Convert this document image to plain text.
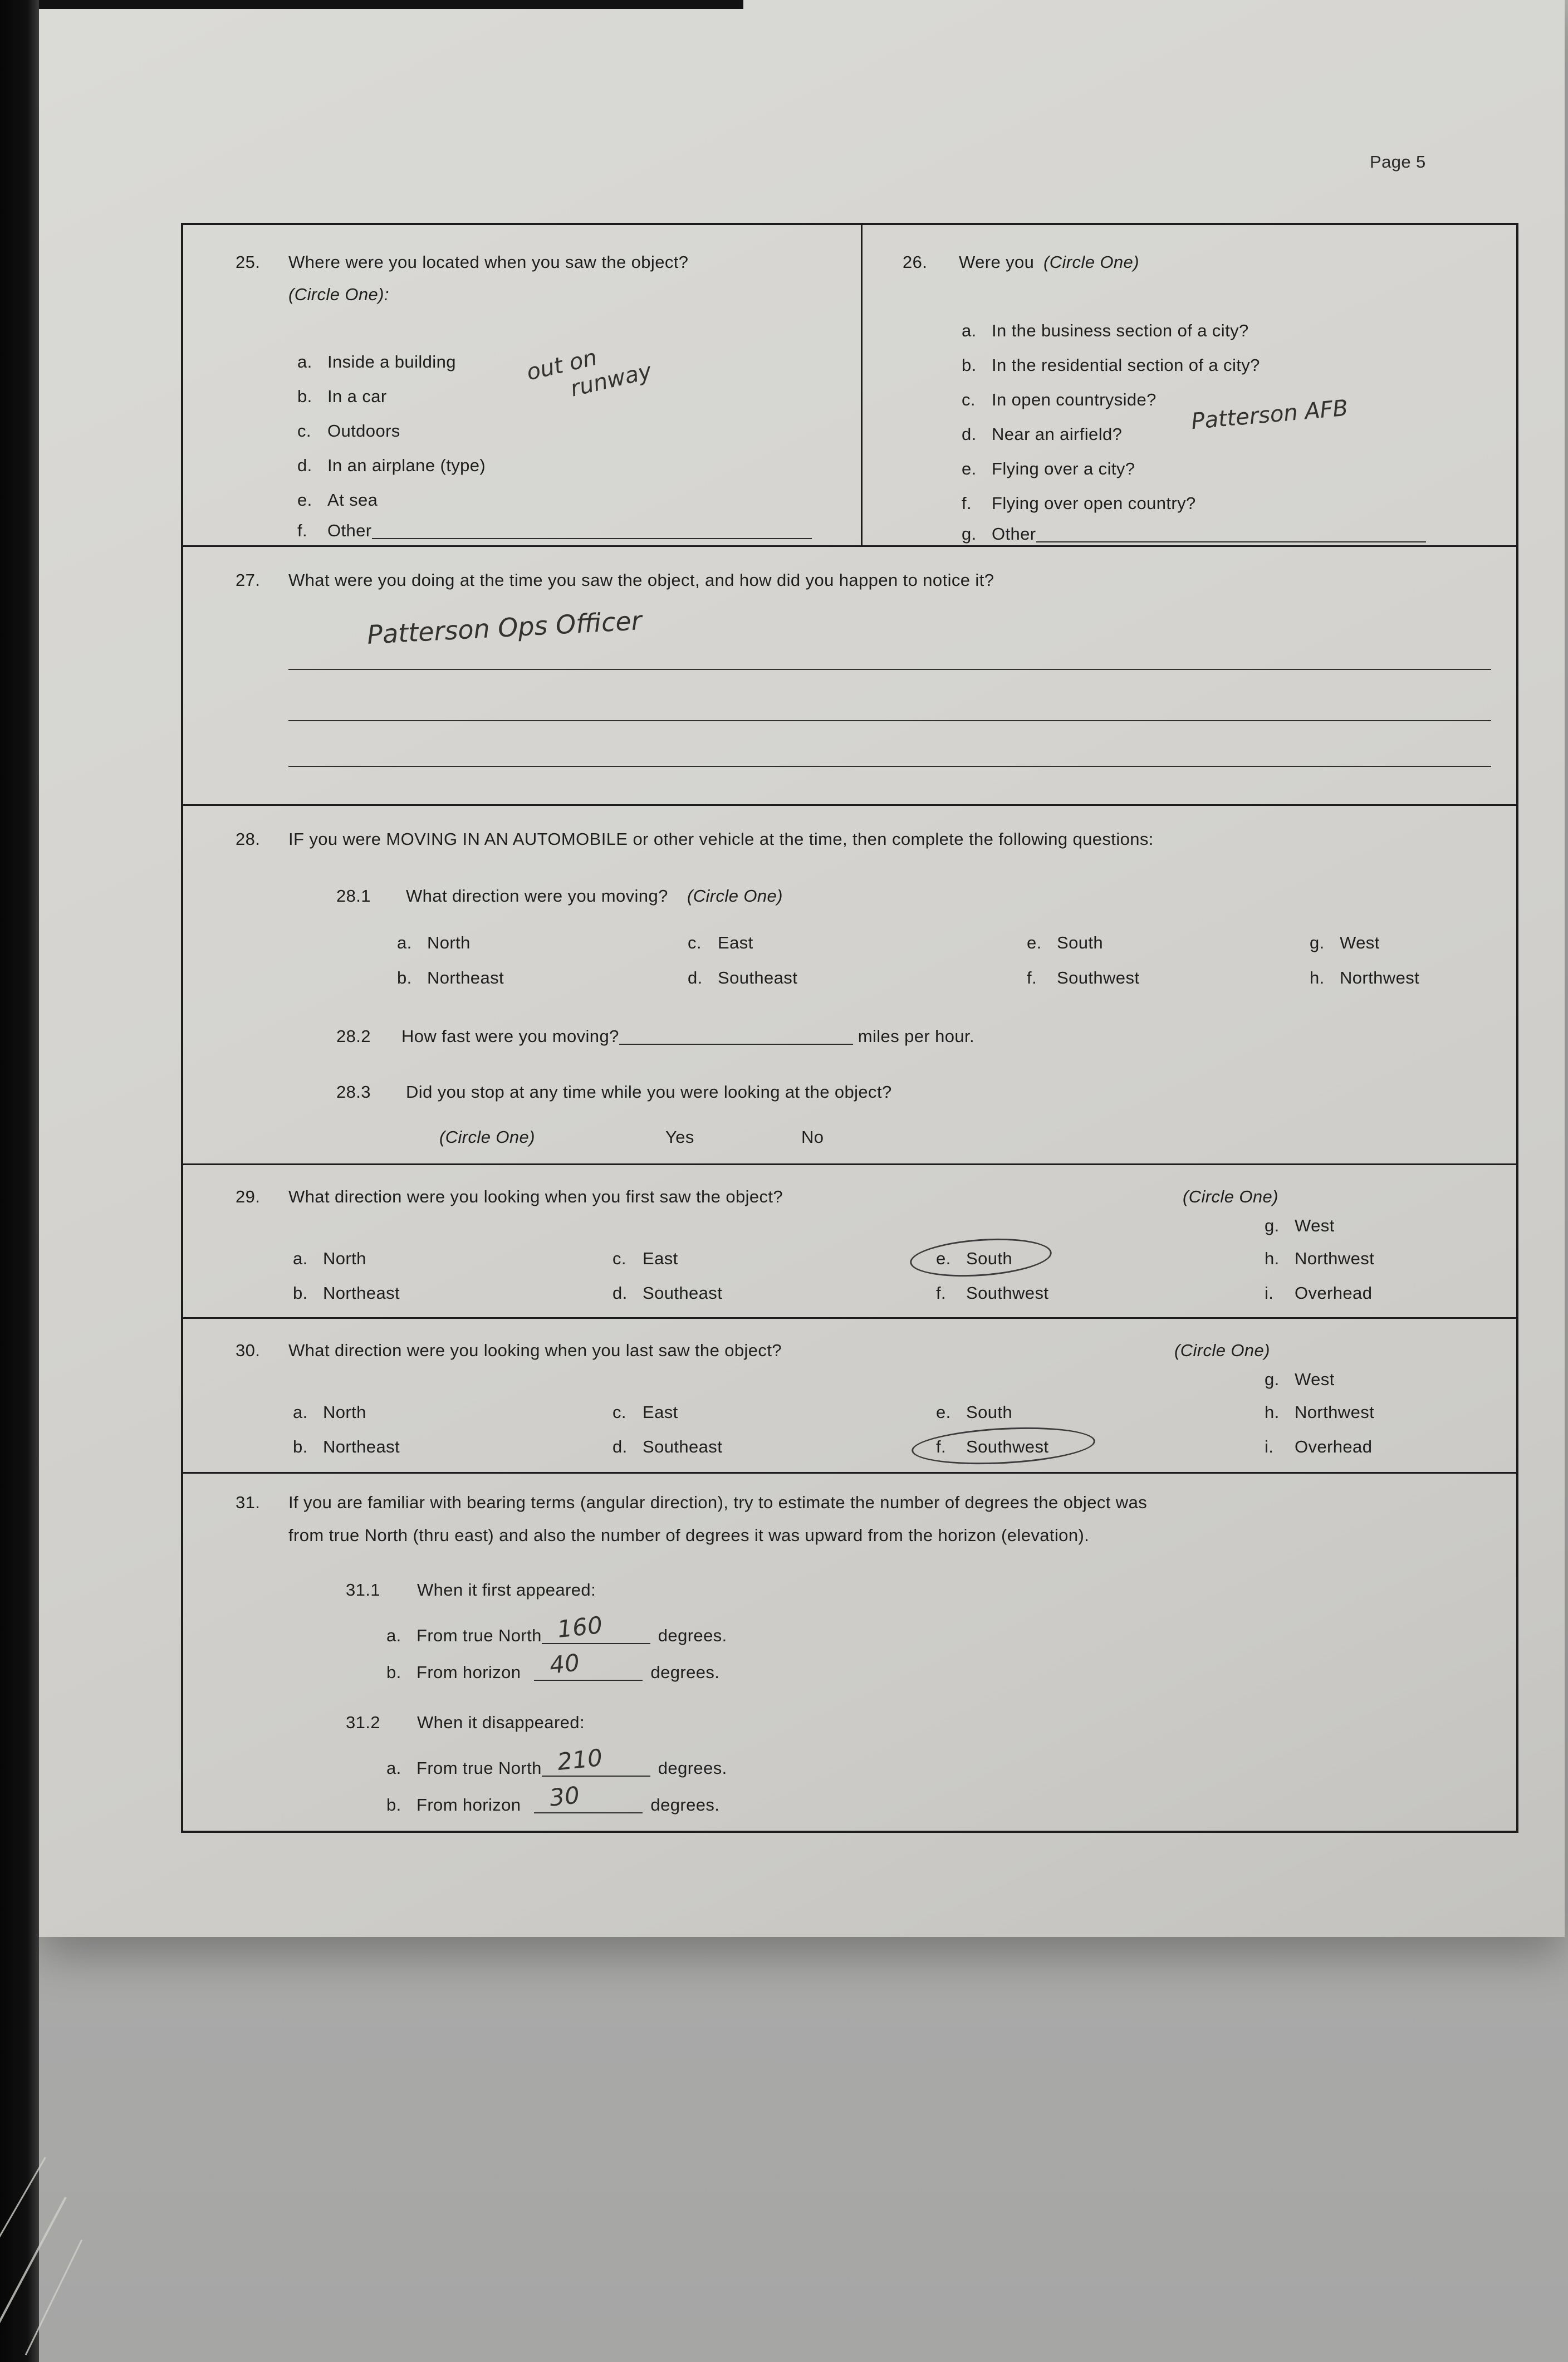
Page 5
25. Where were you located when you saw the object?
(Circle One):
a. Inside a building
b. In a car
c. Outdoors
d. In an airplane (type)
e. At sea
f. Other
out on
runway
26. Were you (Circle One)
a. In the business section of a city?
b. In the residential section of a city?
c. In open countryside?
d. Near an airfield?
e. Flying over a city?
f. Flying over open country?
g. Other
Patterson AFB
27. What were you doing at the time you saw the object, and how did you happen to notice it?
Patterson Ops Officer
28. IF you were MOVING IN AN AUTOMOBILE or other vehicle at the time, then complete the following questions:
28.1 What direction were you moving? (Circle One)
a. North	c. East	e. South	g. West
b. Northeast	d. Southeast	f. Southwest	h. Northwest
28.2 How fast were you moving?	miles per hour.
28.3 Did you stop at any time while you were looking at the object?
(Circle One)	Yes	No
29. What direction were you looking when you first saw the object?	(Circle One)
g. West
a. North	c. East	e. South	h. Northwest
b. Northeast	d. Southeast	f. Southwest	i. Overhead
30. What direction were you looking when you last saw the object?	(Circle One)
g. West
a. North	c. East	e. South	h. Northwest
b. Northeast	d. Southeast	f. Southwest	i. Overhead
31. If you are familiar with bearing terms (angular direction), try to estimate the number of degrees the object was
from true North (thru east) and also the number of degrees it was upward from the horizon (elevation).
31.1 When it first appeared:
a. From true North 160	degrees.
b. From horizon 40	degrees.
31.2 When it disappeared:
a. From true North 210	degrees.
b. From horizon 30	degrees.
